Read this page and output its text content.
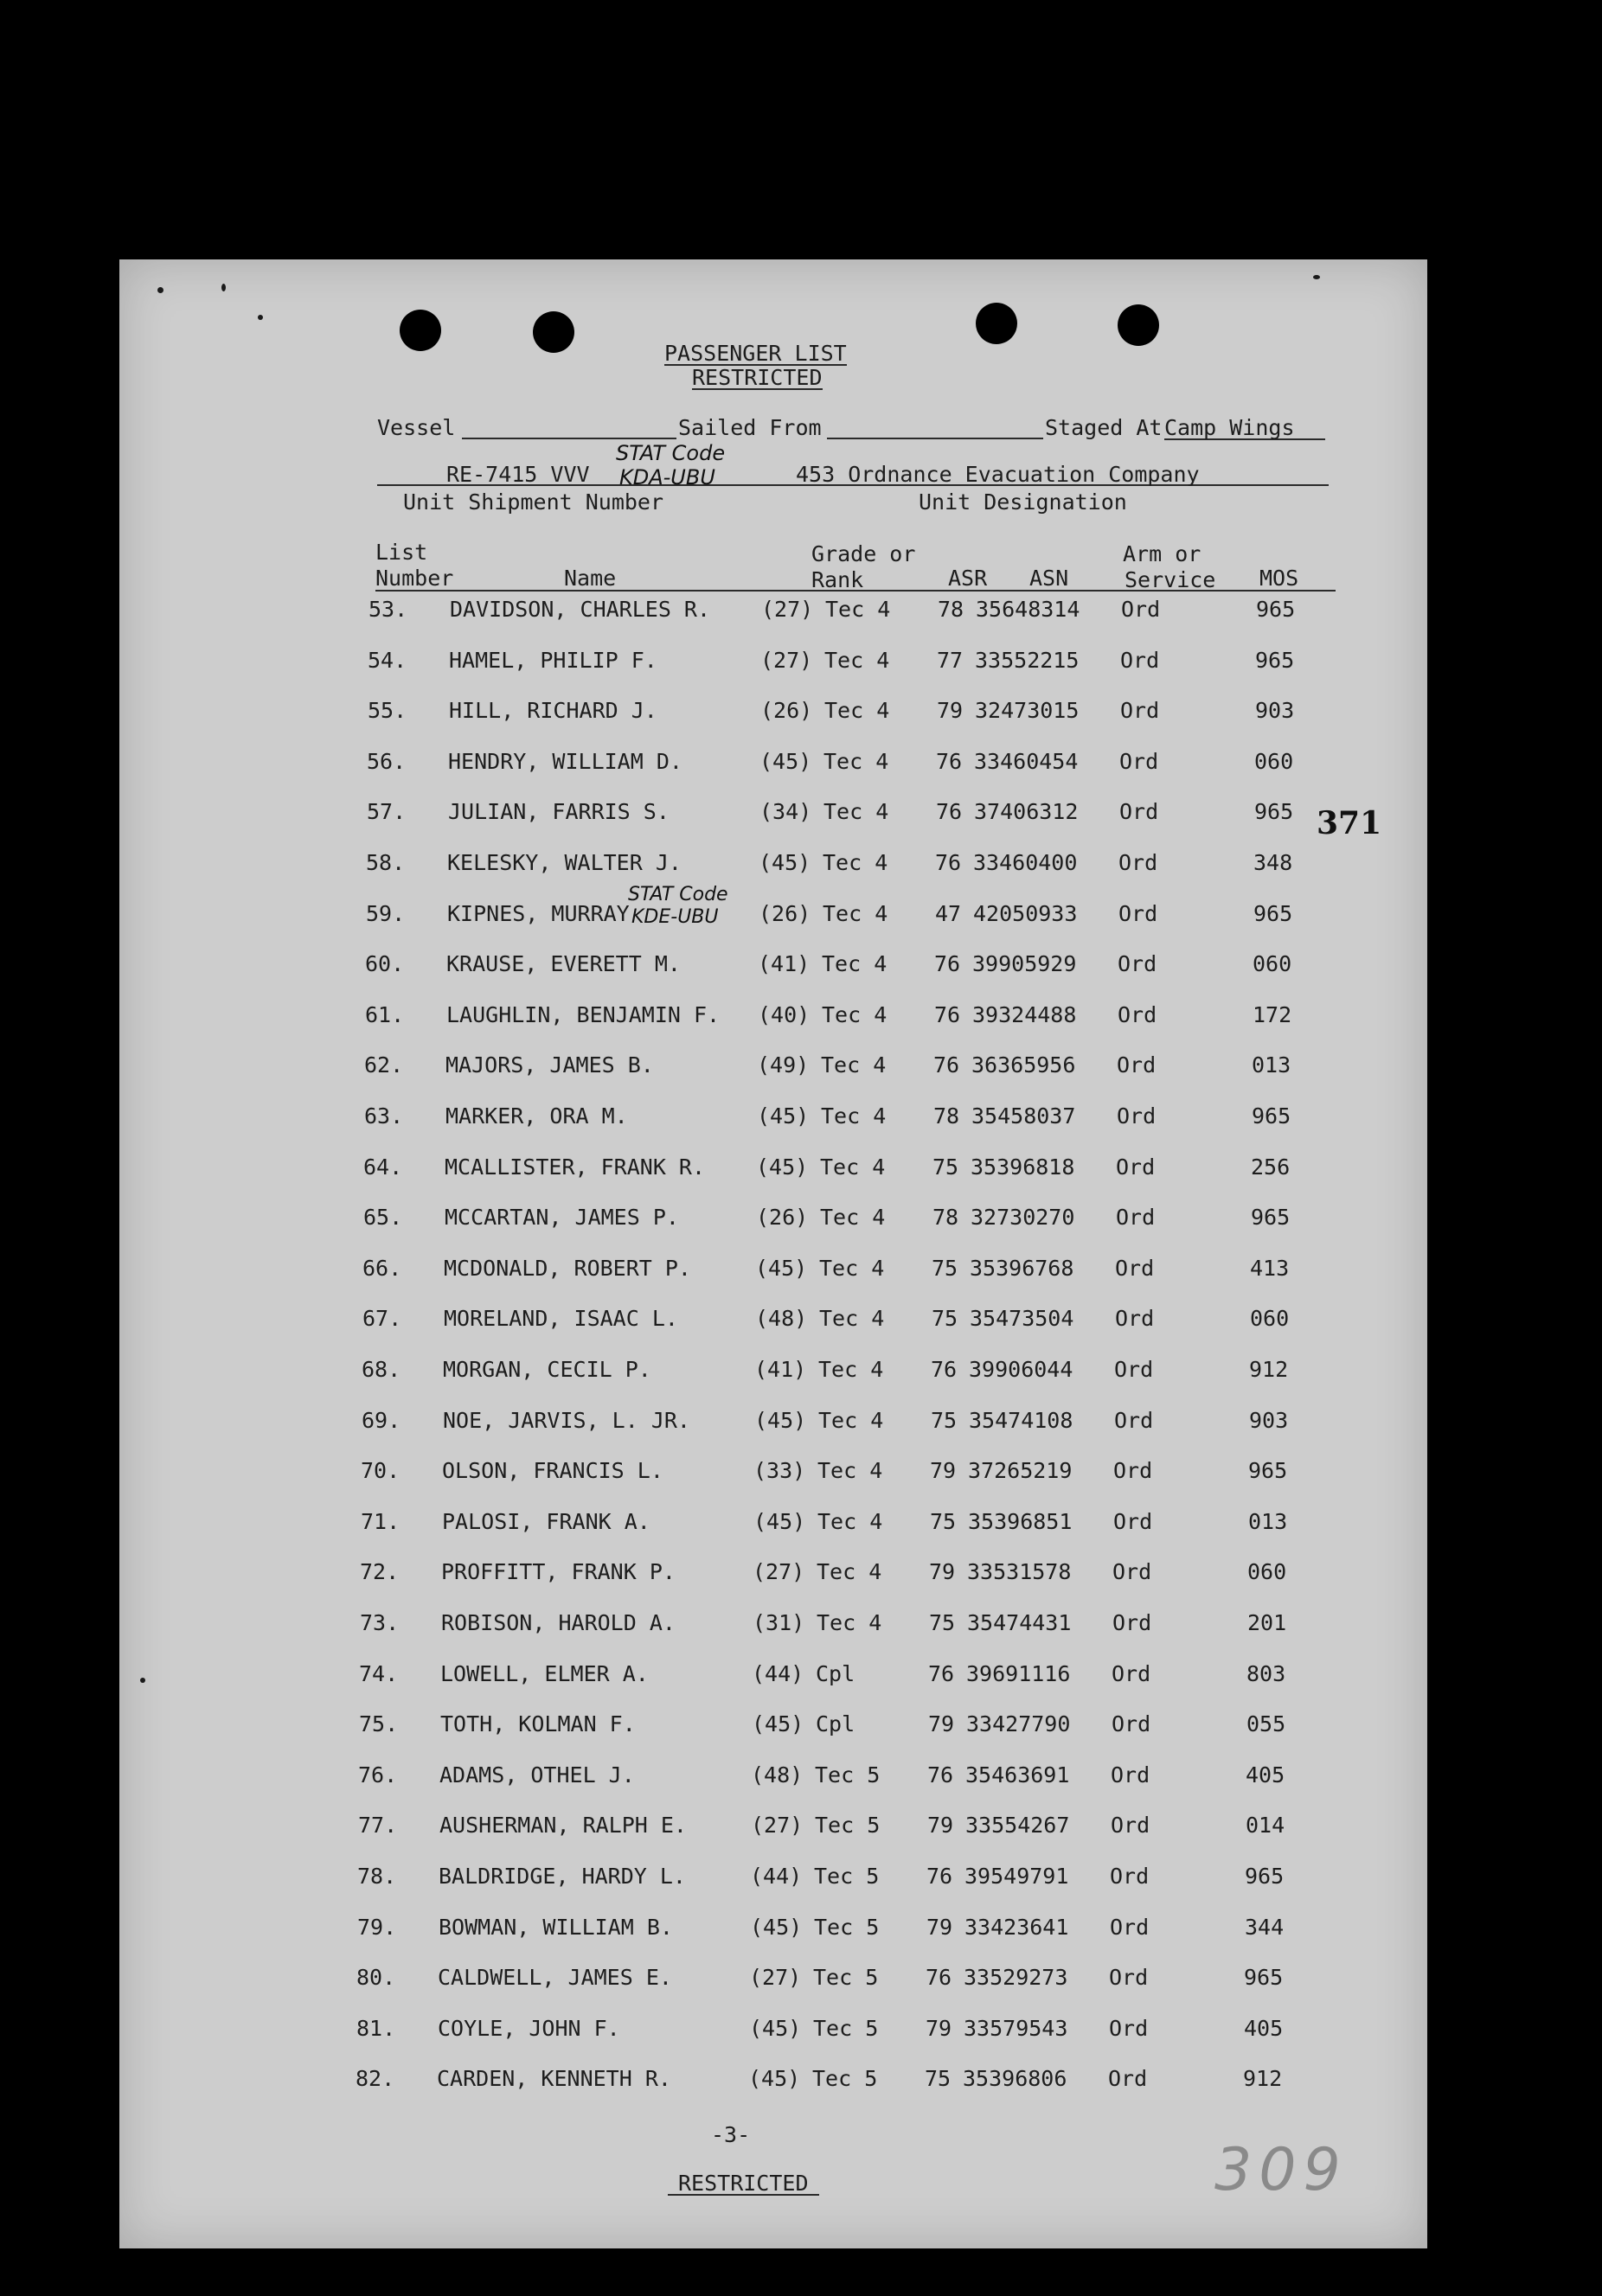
PASSENGER LIST
RESTRICTED
Vessel	Sailed From	Staged At Camp Wings
RE-7415 VVV
STAT Code
KDA-UBU	453 Ordnance Evacuation Company
Unit Shipment Number	Unit Designation
List
Number	Name
Grade or
Rank	ASR ASN
Arm or
Service MOS
53. DAVIDSON, CHARLES R. (27) Tec 4 78 35648314 Ord	965
54. HAMEL, PHILIP F.	(27) Tec 4 77 33552215 Ord	965
55. HILL, RICHARD J.	(26) Tec 4 79 32473015 Ord	903
56. HENDRY, WILLIAM D.	(45) Tec 4 76 33460454 Ord	060
57. JULIAN, FARRIS S.	(34) Tec 4 76 37406312 Ord	965
58. KELESKY, WALTER J.	(45) Tec 4 76 33460400 Ord	348
59. KIPNES, MURRAY	(26) Tec 4 47 42050933 Ord	965
60. KRAUSE, EVERETT M.	(41) Tec 4 76 39905929 Ord	060
61. LAUGHLIN, BENJAMIN F. (40) Tec 4 76 39324488 Ord	172
62. MAJORS, JAMES B.	(49) Tec 4 76 36365956 Ord	013
63. MARKER, ORA M.	(45) Tec 4 78 35458037 Ord	965
64. MCALLISTER, FRANK R. (45) Tec 4 75 35396818 Ord	256
65. MCCARTAN, JAMES P.	(26) Tec 4 78 32730270 Ord	965
66. MCDONALD, ROBERT P.	(45) Tec 4 75 35396768 Ord	413
67. MORELAND, ISAAC L.	(48) Tec 4 75 35473504 Ord	060
68. MORGAN, CECIL P.	(41) Tec 4 76 39906044 Ord	912
69. NOE, JARVIS, L. JR.	(45) Tec 4 75 35474108 Ord	903
70. OLSON, FRANCIS L.	(33) Tec 4 79 37265219 Ord	965
71. PALOSI, FRANK A.	(45) Tec 4 75 35396851 Ord	013
72. PROFFITT, FRANK P.	(27) Tec 4 79 33531578 Ord	060
73. ROBISON, HAROLD A.	(31) Tec 4 75 35474431 Ord	201
74. LOWELL, ELMER A.	(44) Cpl	76 39691116 Ord	803
75. TOTH, KOLMAN F.	(45) Cpl	79 33427790 Ord	055
76. ADAMS, OTHEL J.	(48) Tec 5 76 35463691 Ord	405
77. AUSHERMAN, RALPH E.	(27) Tec 5 79 33554267 Ord	014
78. BALDRIDGE, HARDY L.	(44) Tec 5 76 39549791 Ord	965
79. BOWMAN, WILLIAM B.	(45) Tec 5 79 33423641 Ord	344
80. CALDWELL, JAMES E.	(27) Tec 5 76 33529273 Ord	965
81. COYLE, JOHN F.	(45) Tec 5 79 33579543 Ord	405
82. CARDEN, KENNETH R.	(45) Tec 5 75 35396806 Ord	912
STAT Code
KDE-UBU
371
-3-
RESTRICTED	309
